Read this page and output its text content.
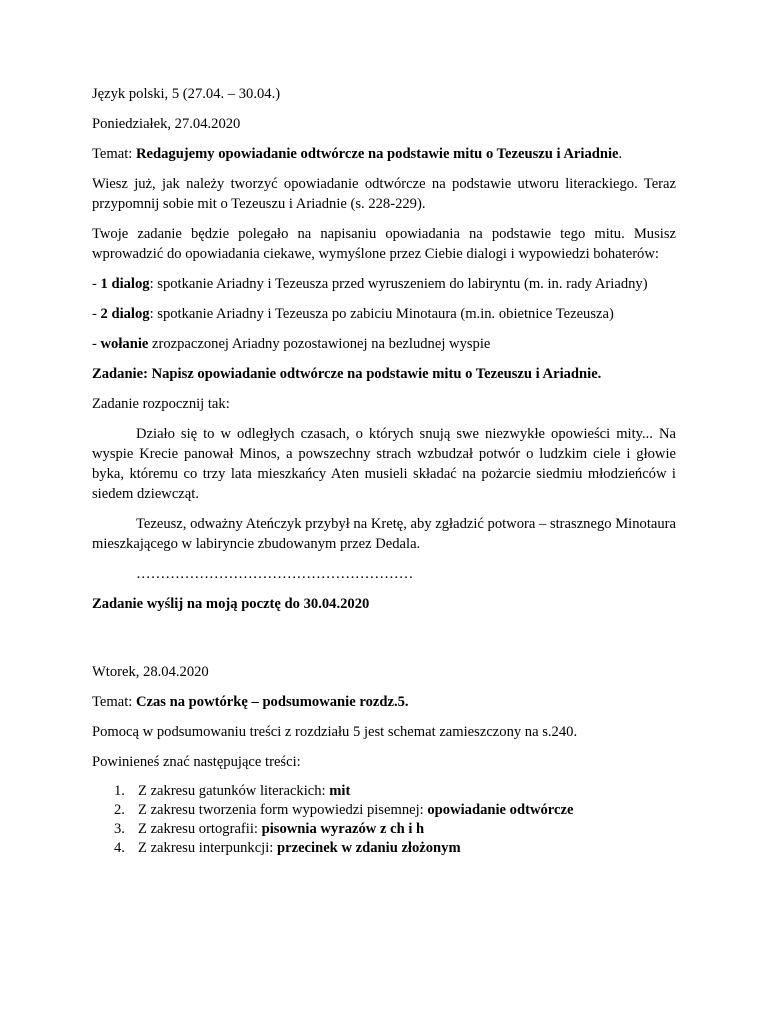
Język polski, 5 (27.04. – 30.04.)

Poniedziałek, 27.04.2020

Temat: Redagujemy opowiadanie odtwórcze na podstawie mitu o Tezeuszu i Ariadnie.

Wiesz już, jak należy tworzyć opowiadanie odtwórcze na podstawie utworu literackiego. Teraz przypomnij sobie mit o Tezeuszu i Ariadnie (s. 228-229).

Twoje zadanie będzie polegało na napisaniu opowiadania na podstawie tego mitu. Musisz wprowadzić do opowiadania ciekawe, wymyślone przez Ciebie dialogi i wypowiedzi bohaterów:

- 1 dialog: spotkanie Ariadny i Tezeusza przed wyruszeniem do labiryntu (m. in. rady Ariadny)

- 2 dialog: spotkanie Ariadny i Tezeusza po zabiciu Minotaura (m.in. obietnice Tezeusza)

- wołanie zrozpaczonej Ariadny pozostawionej na bezludnej wyspie

Zadanie: Napisz opowiadanie odtwórcze na podstawie mitu o Tezeuszu i Ariadnie.

Zadanie rozpocznij tak:

Działo się to w odległych czasach, o których snują swe niezwykłe opowieści mity... Na wyspie Krecie panował Minos, a powszechny strach wzbudzał potwór o ludzkim ciele i głowie byka, któremu co trzy lata mieszkańcy Aten musieli składać na pożarcie siedmiu młodzieńców i siedem dziewcząt.

Tezeusz, odważny Ateńczyk przybył na Kretę, aby zgładzić potwora – strasznego Minotaura mieszkającego w labiryncie zbudowanym przez Dedala.

…………………………………………………

Zadanie wyślij na moją pocztę do 30.04.2020

Wtorek, 28.04.2020

Temat: Czas na powtórkę – podsumowanie rozdz.5.

Pomocą w podsumowaniu treści z rozdziału 5 jest schemat zamieszczony na s.240.

Powinieneś znać następujące treści:

1. Z zakresu gatunków literackich: mit
2. Z zakresu tworzenia form wypowiedzi pisemnej: opowiadanie odtwórcze
3. Z zakresu ortografii: pisownia wyrazów z ch i h
4. Z zakresu interpunkcji: przecinek w zdaniu złożonym
